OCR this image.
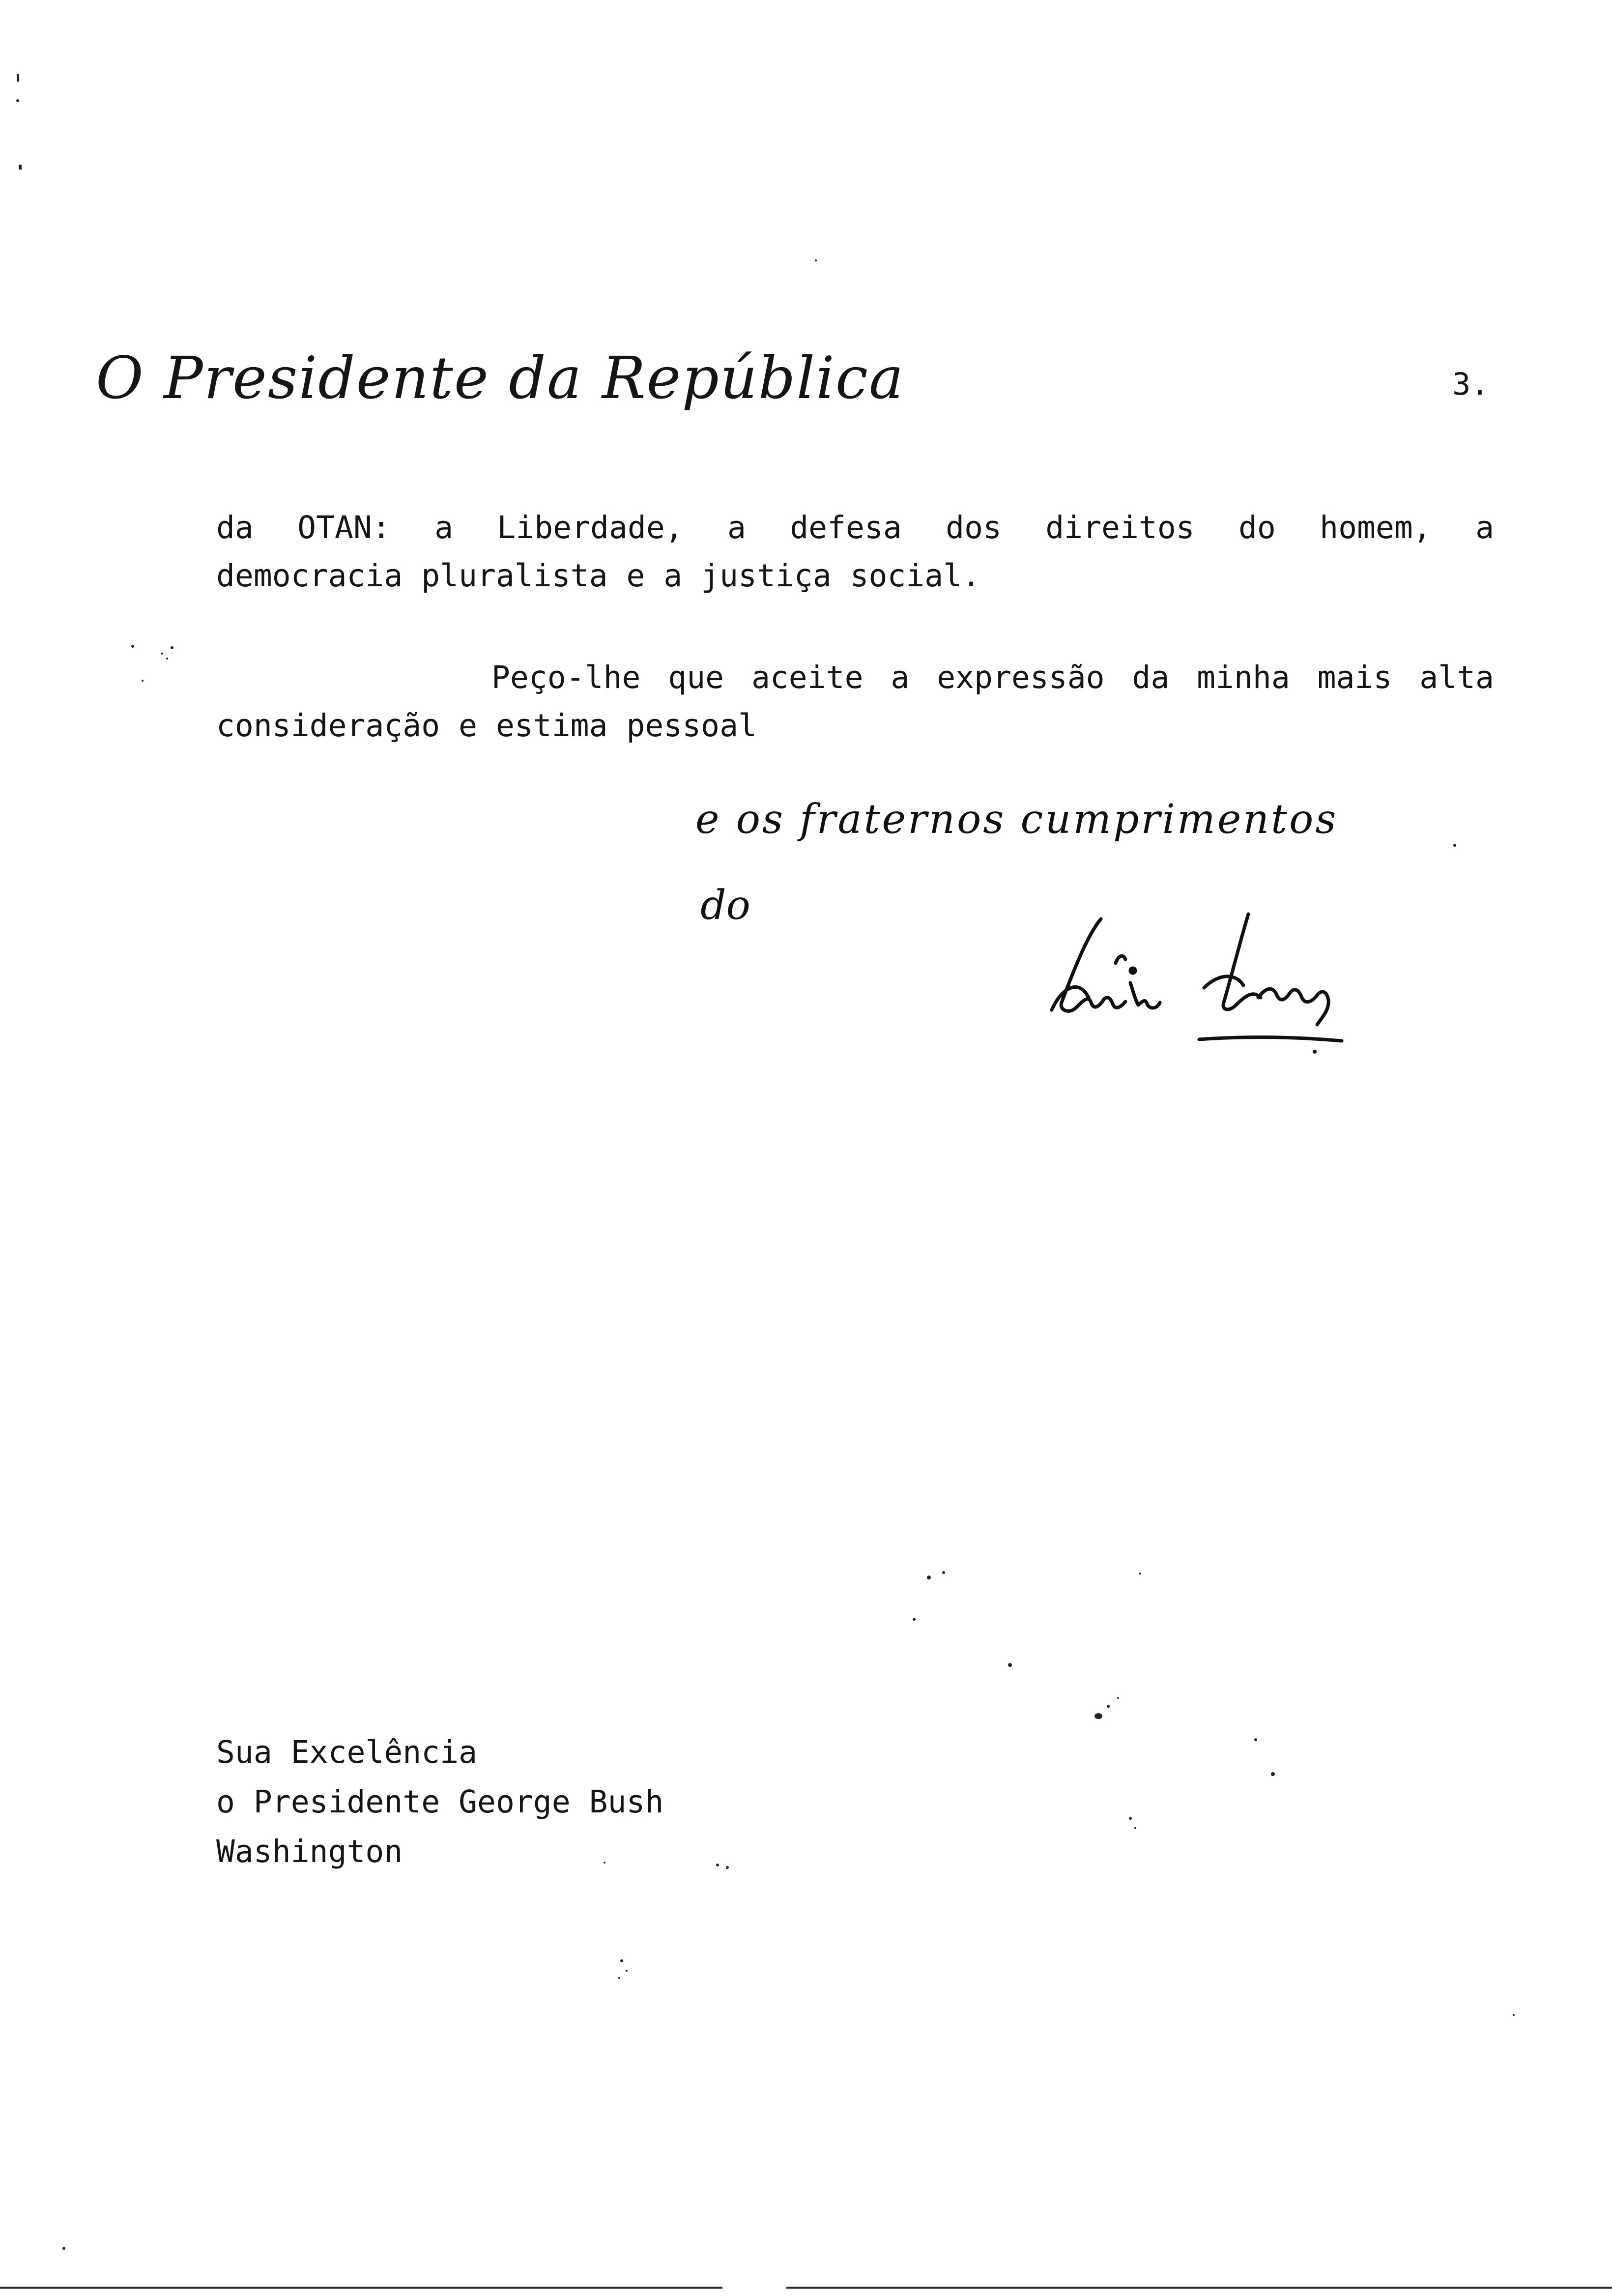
O Presidente da República	3.
da OTAN: a Liberdade, a defesa dos direitos do homem, a
democracia pluralista e a justiça social.
Peço-lhe que aceite a expressão da minha mais alta
consideração e estima pessoal
e os fraternos cumprimentos
do
Sua Excelência
o Presidente George Bush
Washington
